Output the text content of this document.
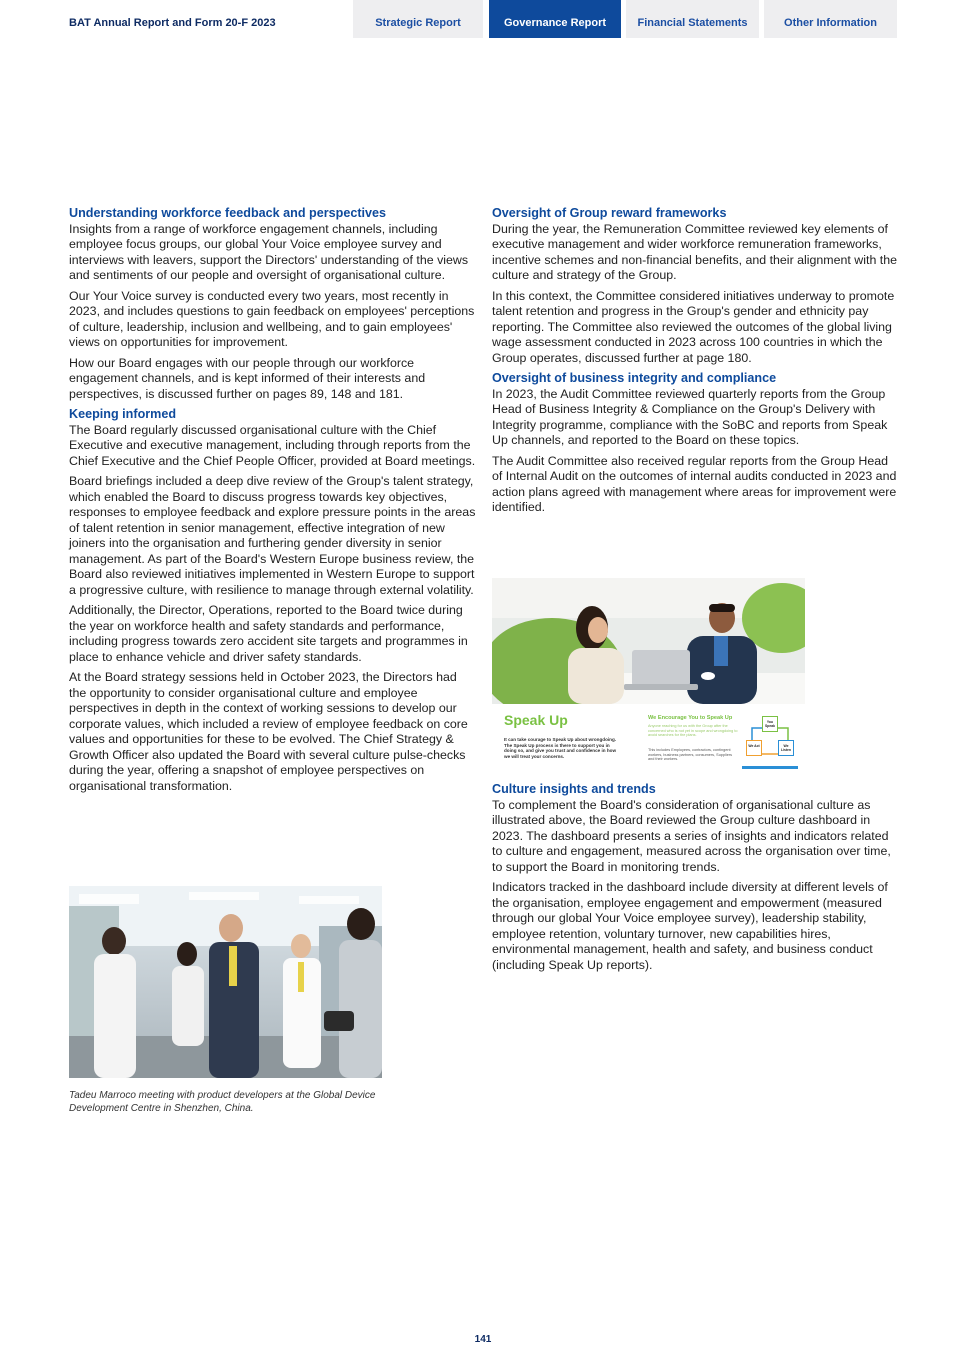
BAT Annual Report and Form 20-F 2023	Strategic Report	Governance Report	Financial Statements	Other Information
Understanding workforce feedback and perspectives

Insights from a range of workforce engagement channels, including employee focus groups, our global Your Voice employee survey and interviews with leavers, support the Directors' understanding of the views and sentiments of our people and oversight of organisational culture.

Our Your Voice survey is conducted every two years, most recently in 2023, and includes questions to gain feedback on employees' perceptions of culture, leadership, inclusion and wellbeing, and to gain employees' views on opportunities for improvement.

How our Board engages with our people through our workforce engagement channels, and is kept informed of their interests and perspectives, is discussed further on pages 89, 148 and 181.

Keeping informed

The Board regularly discussed organisational culture with the Chief Executive and executive management, including through reports from the Chief Executive and the Chief People Officer, provided at Board meetings.

Board briefings included a deep dive review of the Group's talent strategy, which enabled the Board to discuss progress towards key objectives, responses to employee feedback and explore pressure points in the areas of talent retention in senior management, effective integration of new joiners into the organisation and furthering gender diversity in senior management. As part of the Board's Western Europe business review, the Board also reviewed initiatives implemented in Western Europe to support a progressive culture, with resilience to manage through external volatility.

Additionally, the Director, Operations, reported to the Board twice during the year on workforce health and safety standards and performance, including progress towards zero accident site targets and programmes in place to enhance vehicle and driver safety standards.

At the Board strategy sessions held in October 2023, the Directors had the opportunity to consider organisational culture and employee perspectives in depth in the context of working sessions to develop our corporate values, which included a review of employee feedback on core values and opportunities for these to be evolved. The Chief Strategy & Growth Officer also updated the Board with several culture pulse-checks during the year, offering a snapshot of employee perspectives on organisational transformation.

Tadeu Marroco meeting with product developers at the Global Device Development Centre in Shenzhen, China.
Oversight of Group reward frameworks

During the year, the Remuneration Committee reviewed key elements of executive management and wider workforce remuneration frameworks, incentive schemes and non-financial benefits, and their alignment with the culture and strategy of the Group.

In this context, the Committee considered initiatives underway to promote talent retention and progress in the Group's gender and ethnicity pay reporting. The Committee also reviewed the outcomes of the global living wage assessment conducted in 2023 across 100 countries in which the Group operates, discussed further at page 180.

Oversight of business integrity and compliance

In 2023, the Audit Committee reviewed quarterly reports from the Group Head of Business Integrity & Compliance on the Group's Delivery with Integrity programme, compliance with the SoBC and reports from Speak Up channels, and reported to the Board on these topics.

The Audit Committee also received regular reports from the Group Head of Internal Audit on the outcomes of internal audits conducted in 2023 and action plans agreed with management where areas for improvement were identified.

Speak Up
It can take courage to Speak Up about wrongdoing. The Speak Up process is there to support you in doing so, and give you trust and confidence in how we will treat your concerns.
We Encourage You to Speak Up
Anyone reaching for us with the Group after the concerned who is not yet in scope and wrongdoing to avoid searches for the plans.
This includes Employees, contractors, contingent workers, business partners, consumers, Suppliers and their workers.
You Speak
We Listen
We Act
Culture insights and trends

To complement the Board's consideration of organisational culture as illustrated above, the Board reviewed the Group culture dashboard in 2023. The dashboard presents a series of insights and indicators related to culture and engagement, measured across the organisation over time, to support the Board in monitoring trends.

Indicators tracked in the dashboard include diversity at different levels of the organisation, employee engagement and empowerment (measured through our global Your Voice employee survey), leadership stability, employee retention, voluntary turnover, new capabilities hires, environmental management, health and safety, and business conduct (including Speak Up reports).

141
